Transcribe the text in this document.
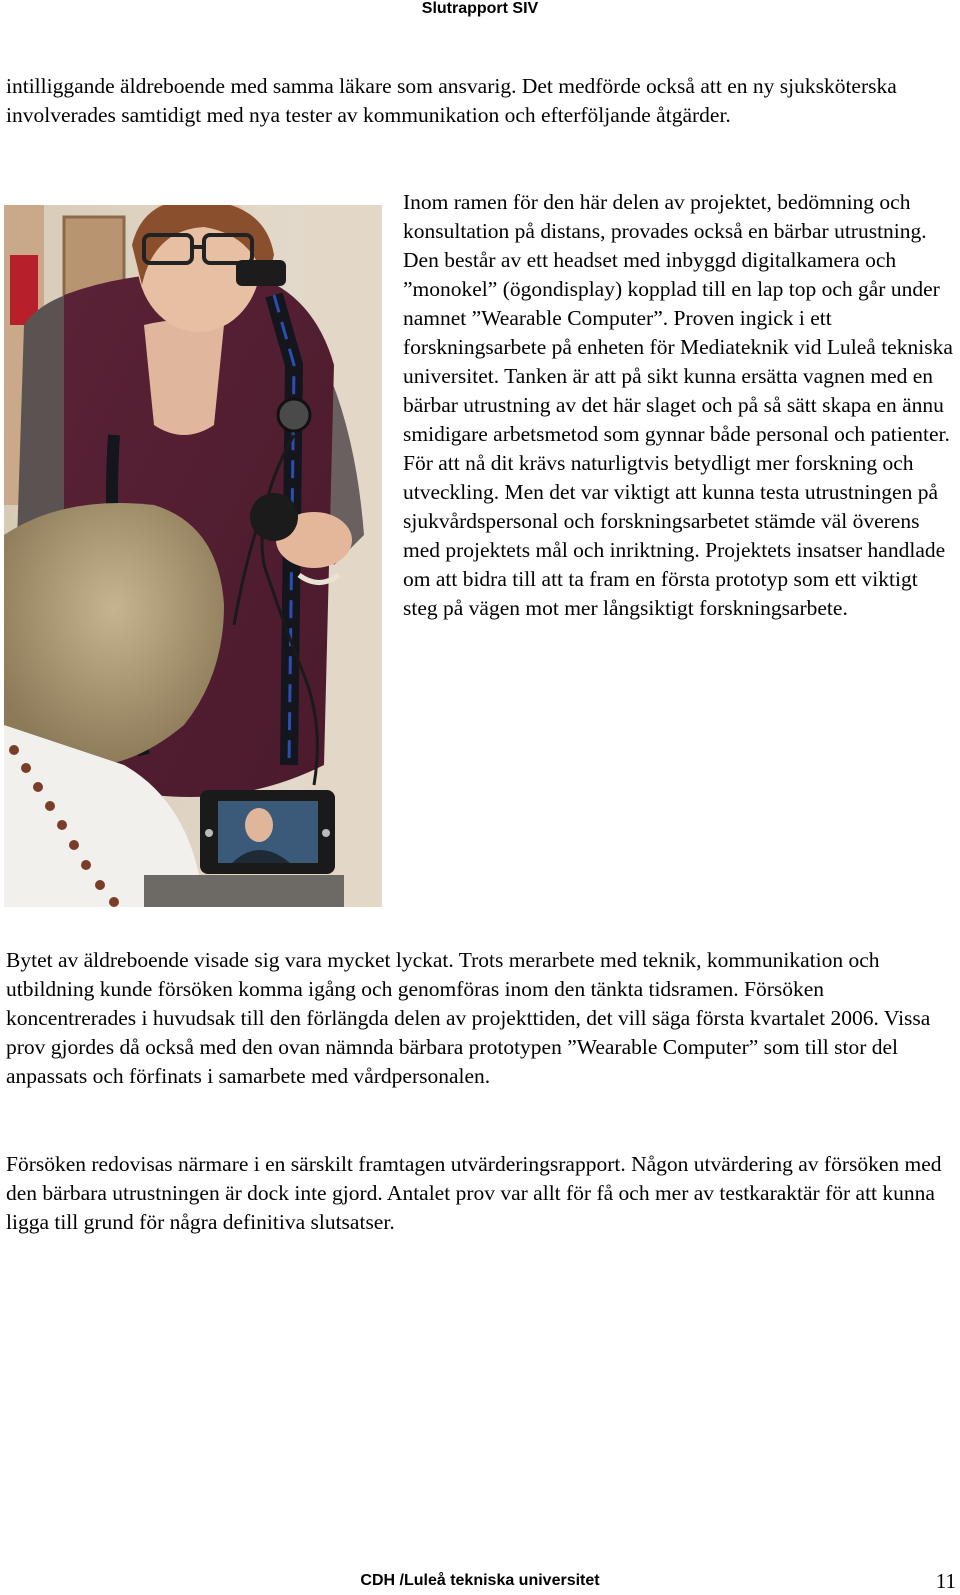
Slutrapport SIV

intilliggande äldreboende med samma läkare som ansvarig. Det medförde också att en ny sjuksköterska involverades samtidigt med nya tester av kommunikation och efterföljande åtgärder.

Inom ramen för den här delen av projektet, bedömning och konsultation på distans, provades också en bärbar utrustning. Den består av ett headset med inbyggd digitalkamera och ”monokel” (ögondisplay) kopplad till en lap top och går under namnet ”Wearable Computer”. Proven ingick i ett forskningsarbete på enheten för Mediateknik vid Luleå tekniska universitet. Tanken är att på sikt kunna ersätta vagnen med en bärbar utrustning av det här slaget och på så sätt skapa en ännu smidigare arbetsmetod som gynnar både personal och patienter. För att nå dit krävs naturligtvis betydligt mer forskning och utveckling. Men det var viktigt att kunna testa utrustningen på sjukvårdspersonal och forskningsarbetet stämde väl överens med projektets mål och inriktning. Projektets insatser handlade om att bidra till att ta fram en första prototyp som ett viktigt steg på vägen mot mer långsiktigt forskningsarbete.

Bytet av äldreboende visade sig vara mycket lyckat. Trots merarbete med teknik, kommunikation och utbildning kunde försöken komma igång och genomföras inom den tänkta tidsramen. Försöken koncentrerades i huvudsak till den förlängda delen av projekttiden, det vill säga första kvartalet 2006. Vissa prov gjordes då också med den ovan nämnda bärbara prototypen ”Wearable Computer” som till stor del anpassats och förfinats i samarbete med vårdpersonalen.

Försöken redovisas närmare i en särskilt framtagen utvärderingsrapport. Någon utvärdering av försöken med den bärbara utrustningen är dock inte gjord. Antalet prov var allt för få och mer av testkaraktär för att kunna ligga till grund för några definitiva slutsatser.

CDH /Luleå tekniska universitet	11
